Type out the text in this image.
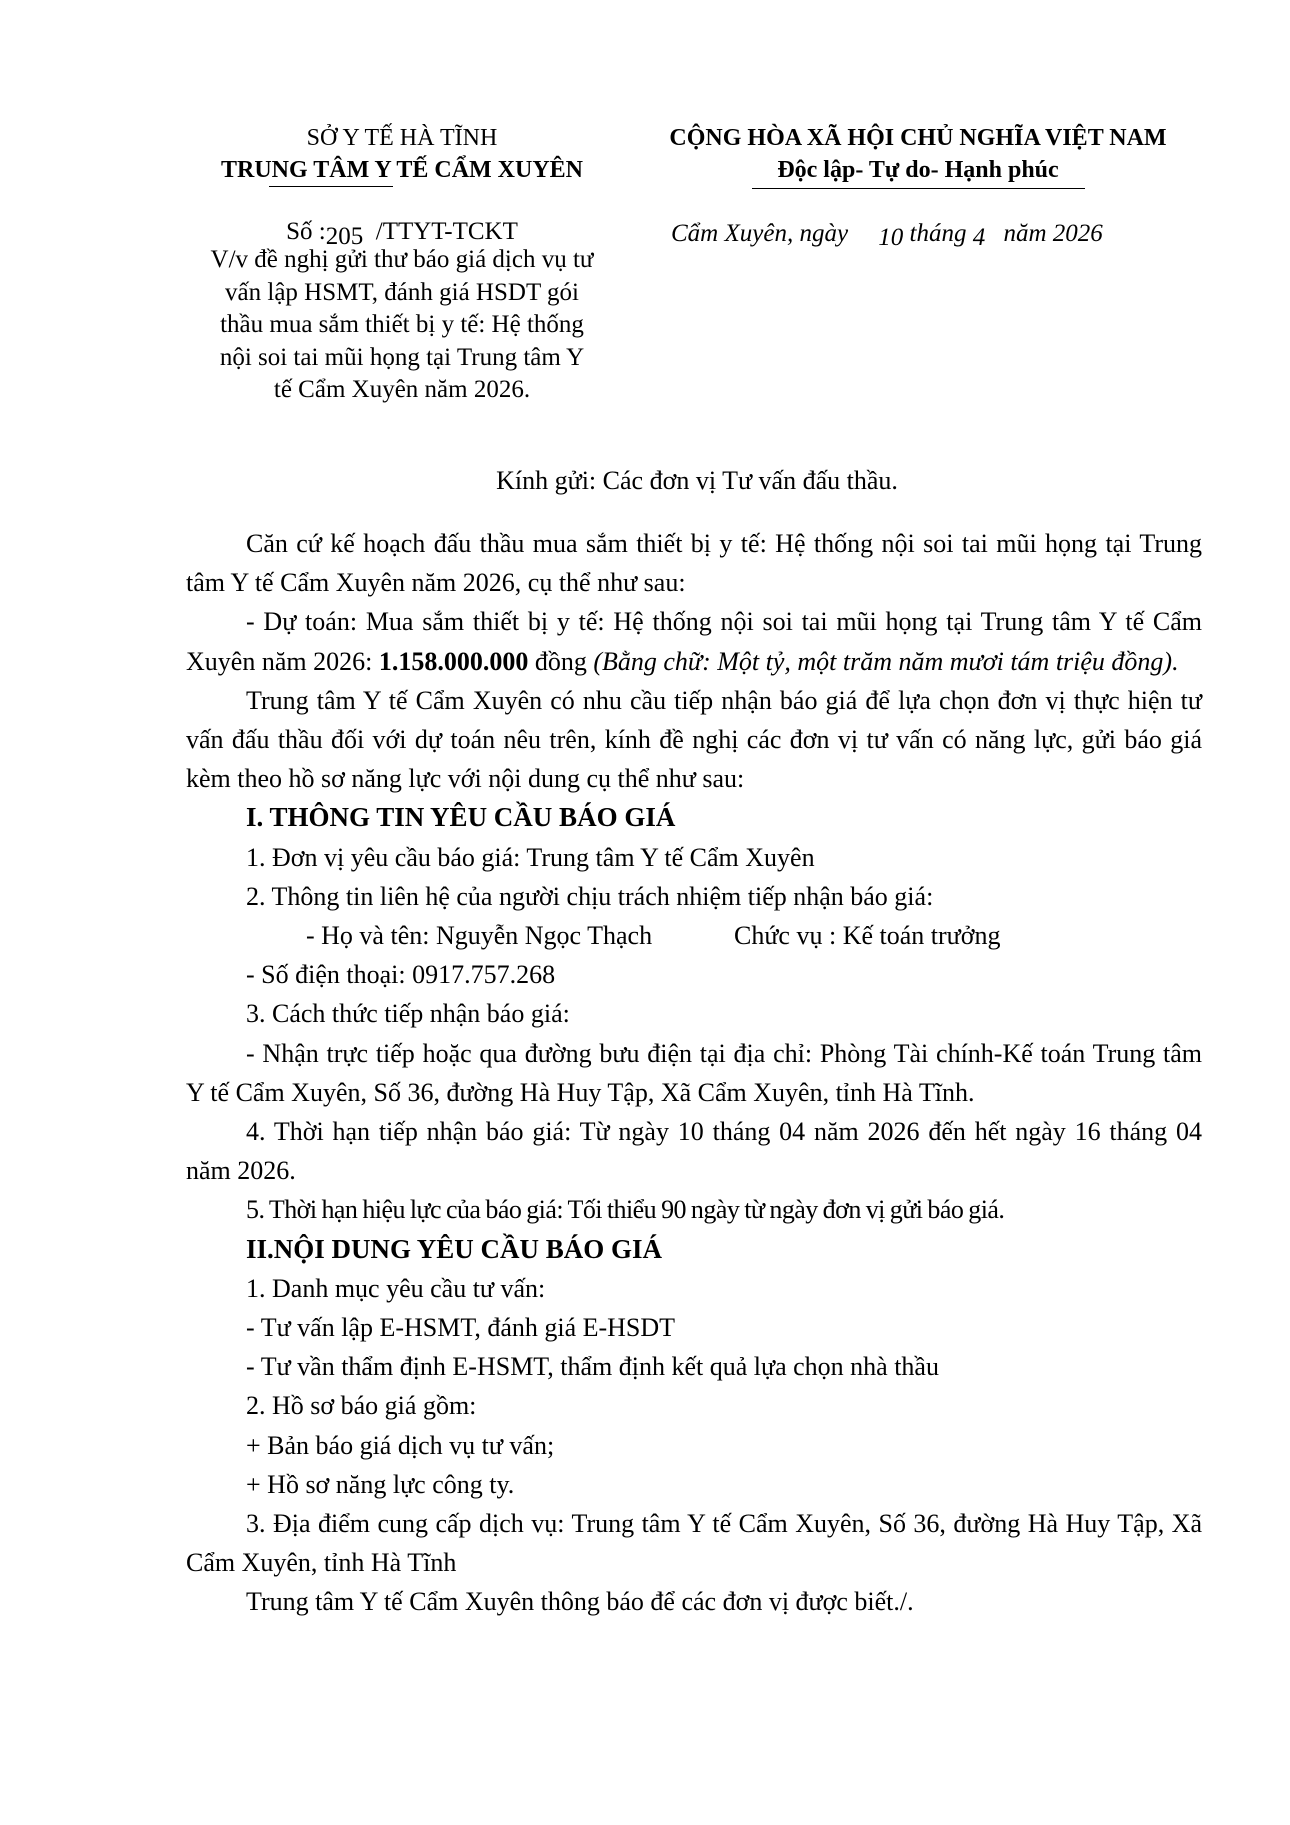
SỞ Y TẾ HÀ TĨNH
TRUNG TÂM Y TẾ CẨM XUYÊN
CỘNG HÒA XÃ HỘI CHỦ NGHĨA VIỆT NAM
Độc lập- Tự do- Hạnh phúc
Số :205 /TTYT-TCKT
V/v đề nghị gửi thư báo giá dịch vụ tư
vấn lập HSMT, đánh giá HSDT gói
thầu mua sắm thiết bị y tế: Hệ thống
nội soi tai mũi họng tại Trung tâm Y
tế Cẩm Xuyên năm 2026.
Cẩm Xuyên, ngày 10 tháng 4 năm 2026
Kính gửi: Các đơn vị Tư vấn đấu thầu.
Căn cứ kế hoạch đấu thầu mua sắm thiết bị y tế: Hệ thống nội soi tai mũi họng tại Trung tâm Y tế Cẩm Xuyên năm 2026, cụ thể như sau:
- Dự toán: Mua sắm thiết bị y tế: Hệ thống nội soi tai mũi họng tại Trung tâm Y tế Cẩm Xuyên năm 2026: 1.158.000.000 đồng (Bằng chữ: Một tỷ, một trăm năm mươi tám triệu đồng).
Trung tâm Y tế Cẩm Xuyên có nhu cầu tiếp nhận báo giá để lựa chọn đơn vị thực hiện tư vấn đấu thầu đối với dự toán nêu trên, kính đề nghị các đơn vị tư vấn có năng lực, gửi báo giá kèm theo hồ sơ năng lực với nội dung cụ thể như sau:
I. THÔNG TIN YÊU CẦU BÁO GIÁ
1. Đơn vị yêu cầu báo giá: Trung tâm Y tế Cẩm Xuyên
2. Thông tin liên hệ của người chịu trách nhiệm tiếp nhận báo giá:
- Họ và tên: Nguyễn Ngọc Thạch	Chức vụ : Kế toán trưởng
- Số điện thoại: 0917.757.268
3. Cách thức tiếp nhận báo giá:
- Nhận trực tiếp hoặc qua đường bưu điện tại địa chỉ: Phòng Tài chính-Kế toán Trung tâm Y tế Cẩm Xuyên, Số 36, đường Hà Huy Tập, Xã Cẩm Xuyên, tỉnh Hà Tĩnh.
4. Thời hạn tiếp nhận báo giá: Từ ngày 10 tháng 04 năm 2026 đến hết ngày 16 tháng 04 năm 2026.
5. Thời hạn hiệu lực của báo giá: Tối thiểu 90 ngày từ ngày đơn vị gửi báo giá.
II.NỘI DUNG YÊU CẦU BÁO GIÁ
1. Danh mục yêu cầu tư vấn:
- Tư vấn lập E-HSMT, đánh giá E-HSDT
- Tư vần thẩm định E-HSMT, thẩm định kết quả lựa chọn nhà thầu
2. Hồ sơ báo giá gồm:
+ Bản báo giá dịch vụ tư vấn;
+ Hồ sơ năng lực công ty.
3. Địa điểm cung cấp dịch vụ: Trung tâm Y tế Cẩm Xuyên, Số 36, đường Hà Huy Tập, Xã Cẩm Xuyên, tỉnh Hà Tĩnh
Trung tâm Y tế Cẩm Xuyên thông báo để các đơn vị được biết./.
